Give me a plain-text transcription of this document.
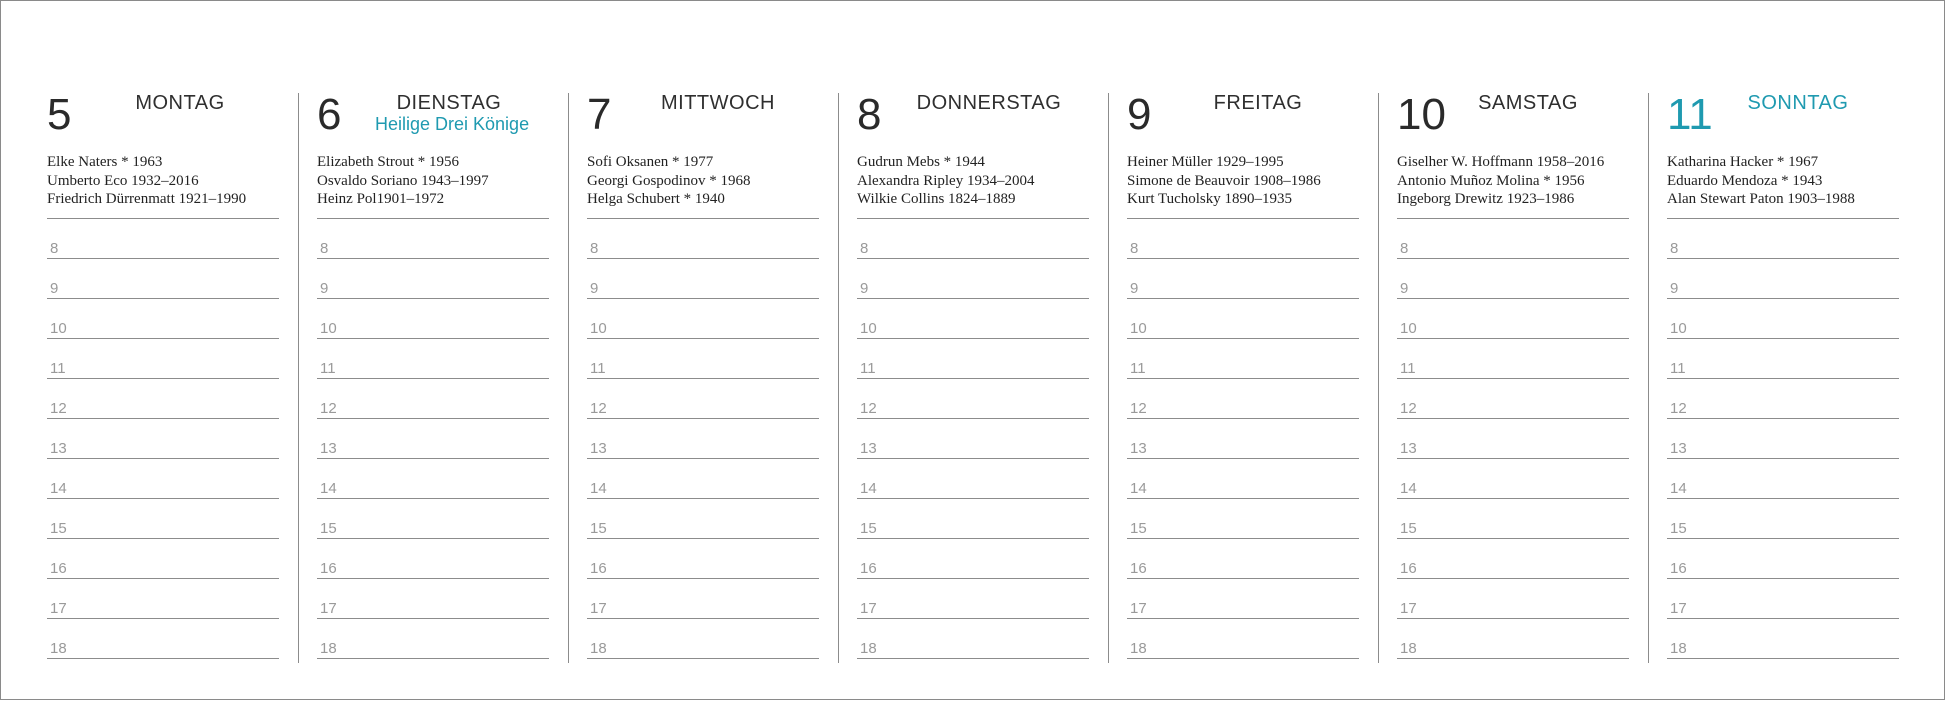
5	MONTAG
Elke Naters * 1963
Umberto Eco 1932–2016
Friedrich Dürrenmatt 1921–1990
8
9
10
11
12
13
14
15
16
17
18
6	DIENSTAG
Heilige Drei Könige
Elizabeth Strout * 1956
Osvaldo Soriano 1943–1997
Heinz Pol1901–1972
8
9
10
11
12
13
14
15
16
17
18
7	MITTWOCH
Sofi Oksanen * 1977
Georgi Gospodinov * 1968
Helga Schubert * 1940
8
9
10
11
12
13
14
15
16
17
18
8	DONNERSTAG
Gudrun Mebs * 1944
Alexandra Ripley 1934–2004
Wilkie Collins 1824–1889
8
9
10
11
12
13
14
15
16
17
18
9	FREITAG
Heiner Müller 1929–1995
Simone de Beauvoir 1908–1986
Kurt Tucholsky 1890–1935
8
9
10
11
12
13
14
15
16
17
18
10	SAMSTAG
Giselher W. Hoffmann 1958–2016
Antonio Muñoz Molina * 1956
Ingeborg Drewitz 1923–1986
8
9
10
11
12
13
14
15
16
17
18
11	SONNTAG
Katharina Hacker * 1967
Eduardo Mendoza * 1943
Alan Stewart Paton 1903–1988
8
9
10
11
12
13
14
15
16
17
18
